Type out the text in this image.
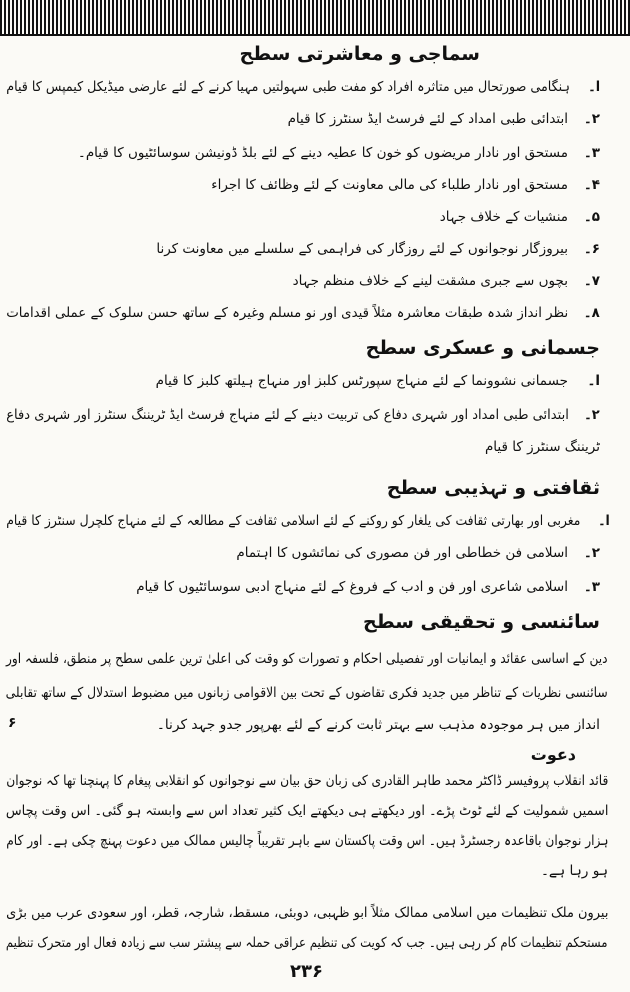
سماجی و معاشرتی سطح
ا۔ہنگامی صورتحال میں متاثرہ افراد کو مفت طبی سہولتیں مہیا کرنے کے لئے عارضی میڈیکل کیمپس کا قیام
۲۔ابتدائی طبی امداد کے لئے فرسٹ ایڈ سنٹرز کا قیام
۳۔مستحق اور نادار مریضوں کو خون کا عطیہ دینے کے لئے بلڈ ڈونیشن سوسائٹیوں کا قیام۔
۴۔مستحق اور نادار طلباء کی مالی معاونت کے لئے وظائف کا اجراء
۵۔منشیات کے خلاف جہاد
۶۔بیروزگار نوجوانوں کے لئے روزگار کی فراہمی کے سلسلے میں معاونت کرنا
۷۔بچوں سے جبری مشقت لینے کے خلاف منظم جہاد
۸۔نظر انداز شدہ طبقات معاشرہ مثلاً قیدی اور نو مسلم وغیرہ کے ساتھ حسن سلوک کے عملی اقدامات
جسمانی و عسکری سطح
ا۔جسمانی نشوونما کے لئے منہاج سپورٹس کلبز اور منہاج ہیلتھ کلبز کا قیام
۲۔ابتدائی طبی امداد اور شہری دفاع کی تربیت دینے کے لئے منہاج فرسٹ ایڈ ٹریننگ سنٹرز اور شہری دفاع
ٹریننگ سنٹرز کا قیام
ثقافتی و تہذیبی سطح
ا۔مغربی اور بھارتی ثقافت کی یلغار کو روکنے کے لئے اسلامی ثقافت کے مطالعہ کے لئے منہاج کلچرل سنٹرز کا قیام
۲۔اسلامی فن خطاطی اور فن مصوری کی نمائشوں کا اہتمام
۳۔اسلامی شاعری اور فن و ادب کے فروغ کے لئے منہاج ادبی سوسائٹیوں کا قیام
سائنسی و تحقیقی سطح
دین کے اساسی عقائد و ایمانیات اور تفصیلی احکام و تصورات کو وقت کی اعلیٰ ترین علمی سطح پر منطق، فلسفہ اور
سائنسی نظریات کے تناظر میں جدید فکری تقاضوں کے تحت بین الاقوامی زبانوں میں مضبوط استدلال کے ساتھ تقابلی
انداز میں ہر موجودہ مذہب سے بہتر ثابت کرنے کے لئے بھرپور جدو جہد کرنا۔
۶
دعوت
قائد انقلاب پروفیسر ڈاکٹر محمد طاہر القادری کی زبان حق بیان سے نوجوانوں کو انقلابی پیغام کا پہنچنا تھا کہ نوجوان
اسمیں شمولیت کے لئے ٹوٹ پڑے۔ اور دیکھتے ہی دیکھتے ایک کثیر تعداد اس سے وابستہ ہو گئی۔ اس وقت پچاس
ہزار نوجوان باقاعدہ رجسٹرڈ ہیں۔ اس وقت پاکستان سے باہر تقریباً چالیس ممالک میں دعوت پہنچ چکی ہے۔ اور کام
ہو رہا ہے۔
بیرون ملک تنظیمات میں اسلامی ممالک مثلاً ابو ظہبی، دوبئی، مسقط، شارجہ، قطر، اور سعودی عرب میں بڑی
مستحکم تنظیمات کام کر رہی ہیں۔ جب کہ کویت کی تنظیم عراقی حملہ سے پیشتر سب سے زیادہ فعال اور متحرک تنظیم
۲۳۶
